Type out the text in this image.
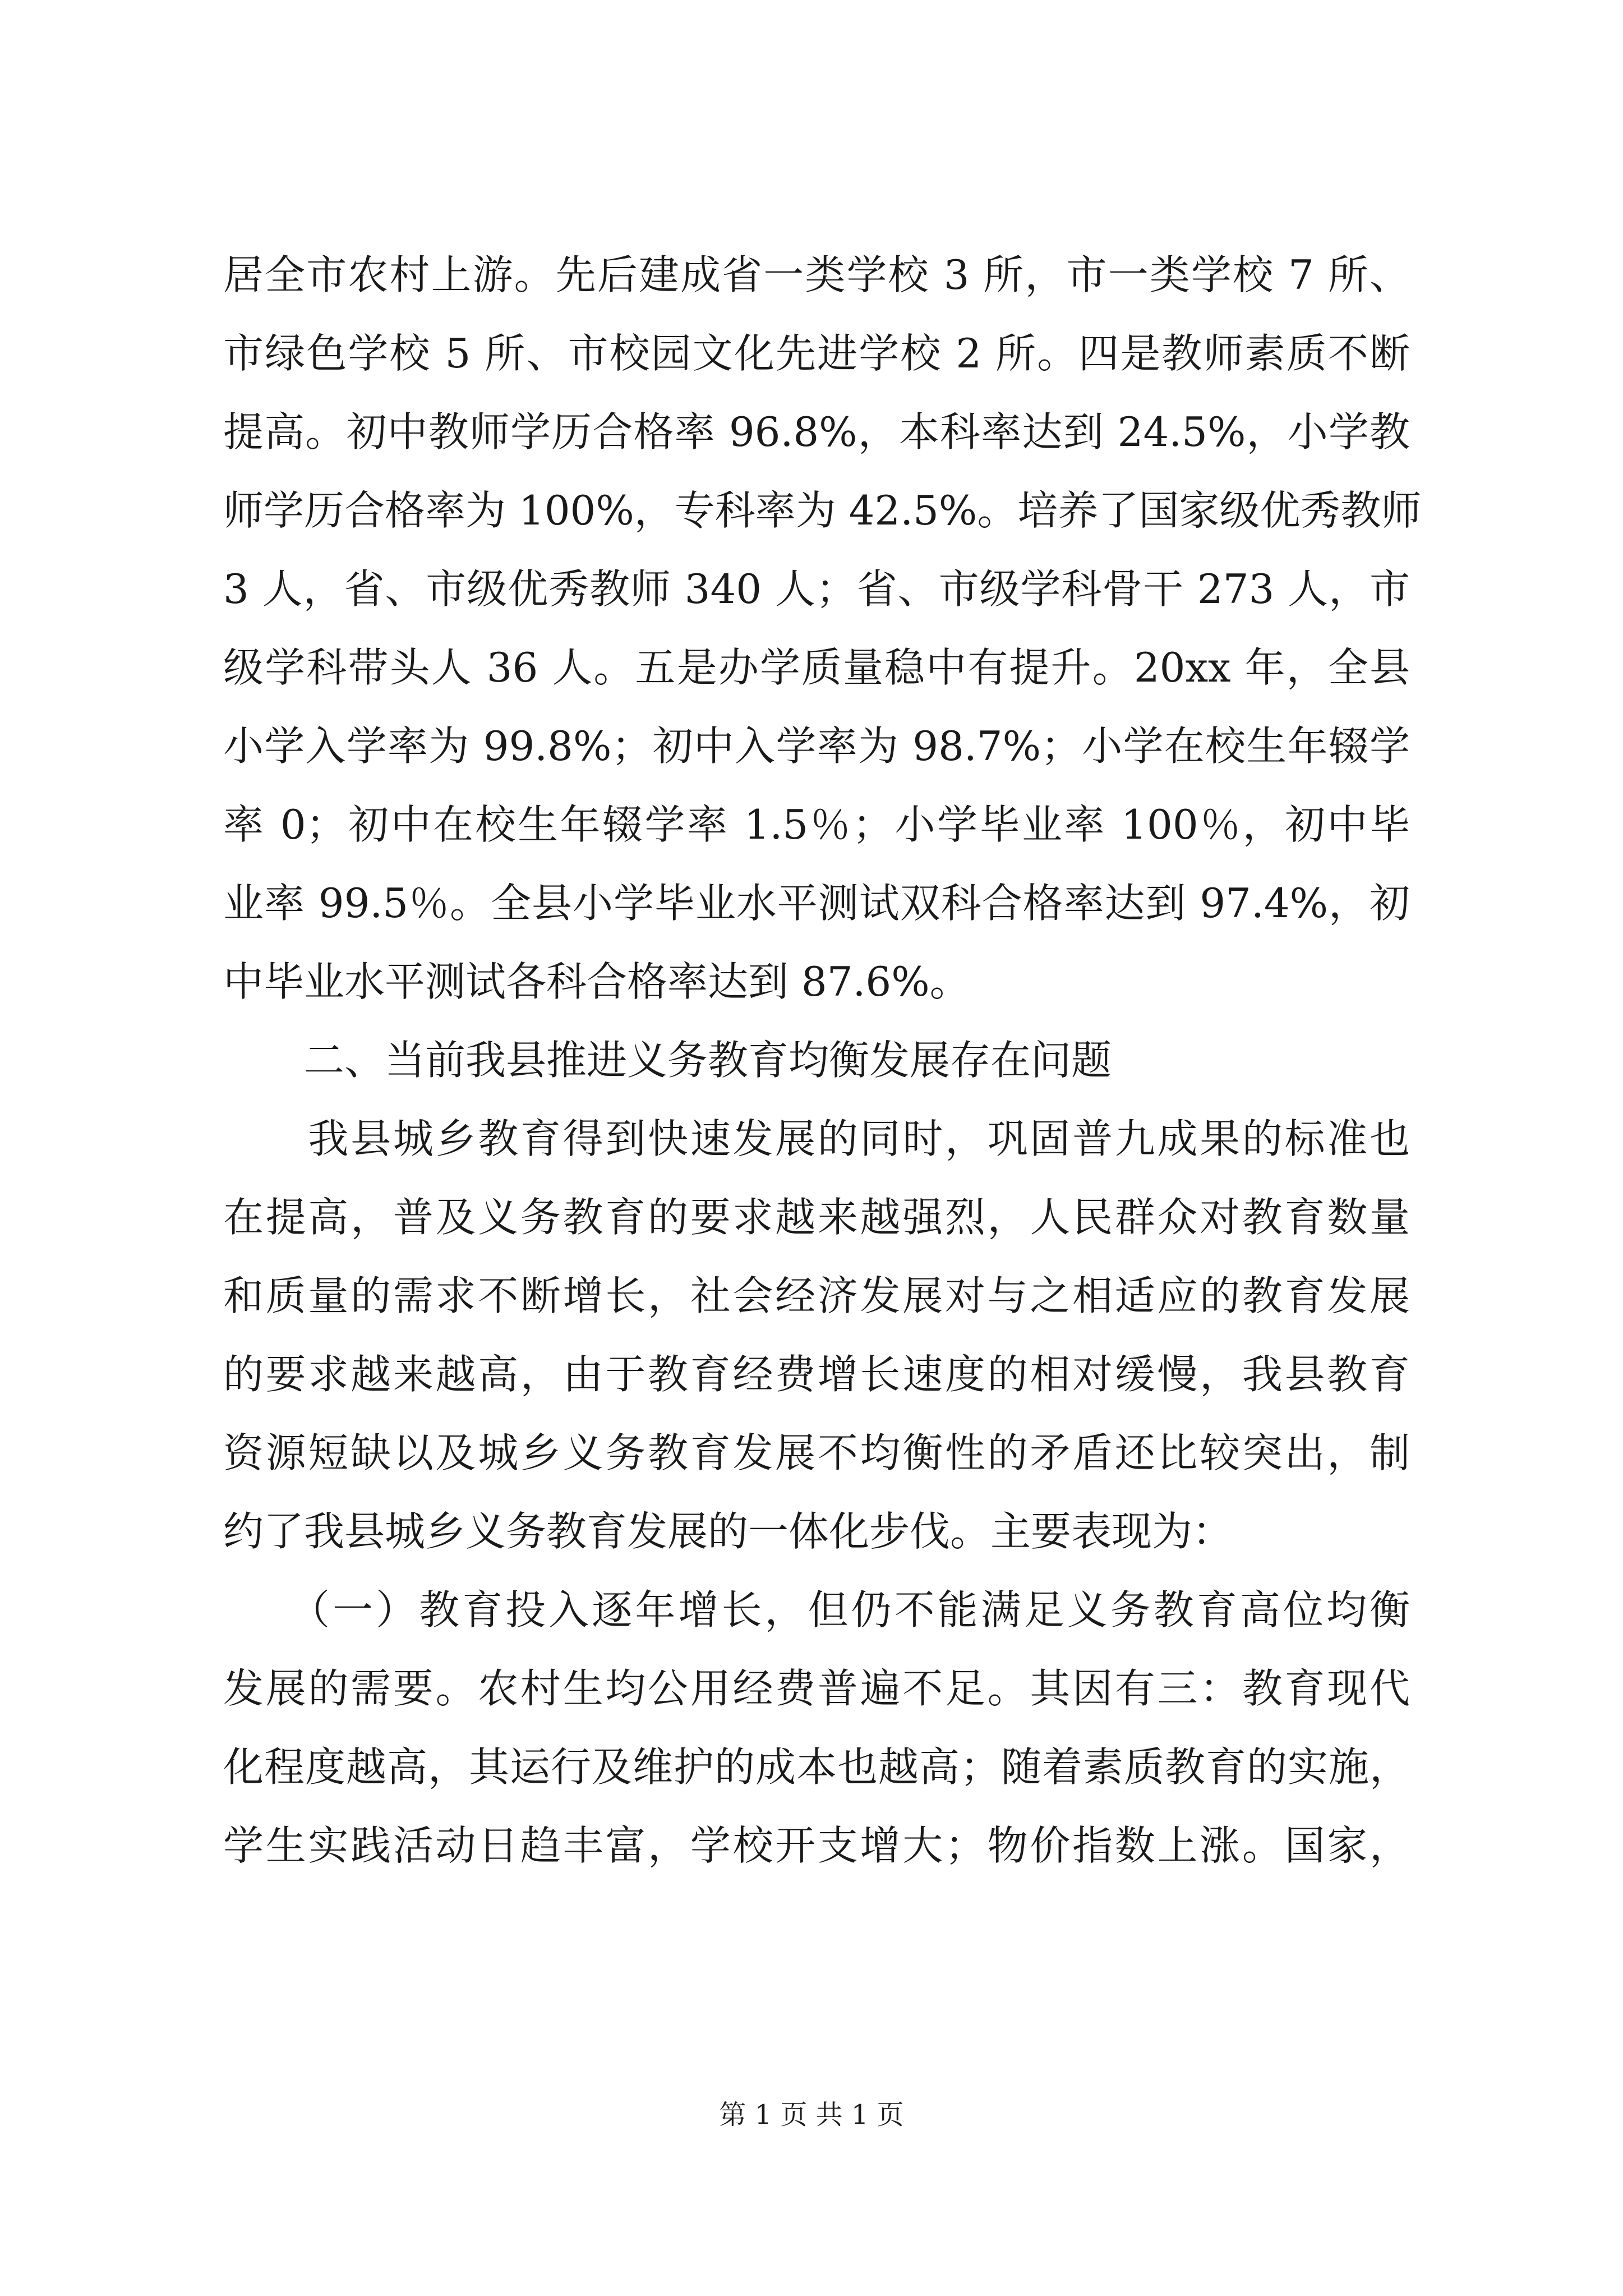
居全市农村上游。先后建成省一类学校 3 所，市一类学校 7 所、
市绿色学校 5 所、市校园文化先进学校 2 所。四是教师素质不断
提高。初中教师学历合格率 96.8%，本科率达到 24.5%，小学教
师学历合格率为 100%，专科率为 42.5%。培养了国家级优秀教师
3 人，省、市级优秀教师 340 人；省、市级学科骨干 273 人，市
级学科带头人 36 人。五是办学质量稳中有提升。20xx 年，全县
小学入学率为 99.8%；初中入学率为 98.7%；小学在校生年辍学
率 0；初中在校生年辍学率 1.5％；小学毕业率 100％，初中毕
业率 99.5％。全县小学毕业水平测试双科合格率达到 97.4%，初
中毕业水平测试各科合格率达到 87.6%。
　　二、当前我县推进义务教育均衡发展存在问题
　　我县城乡教育得到快速发展的同时，巩固普九成果的标准也
在提高，普及义务教育的要求越来越强烈，人民群众对教育数量
和质量的需求不断增长，社会经济发展对与之相适应的教育发展
的要求越来越高，由于教育经费增长速度的相对缓慢，我县教育
资源短缺以及城乡义务教育发展不均衡性的矛盾还比较突出，制
约了我县城乡义务教育发展的一体化步伐。主要表现为：
　　（一）教育投入逐年增长，但仍不能满足义务教育高位均衡
发展的需要。农村生均公用经费普遍不足。其因有三：教育现代
化程度越高，其运行及维护的成本也越高；随着素质教育的实施，
学生实践活动日趋丰富，学校开支增大；物价指数上涨。国家，
第 1 页 共 1 页
